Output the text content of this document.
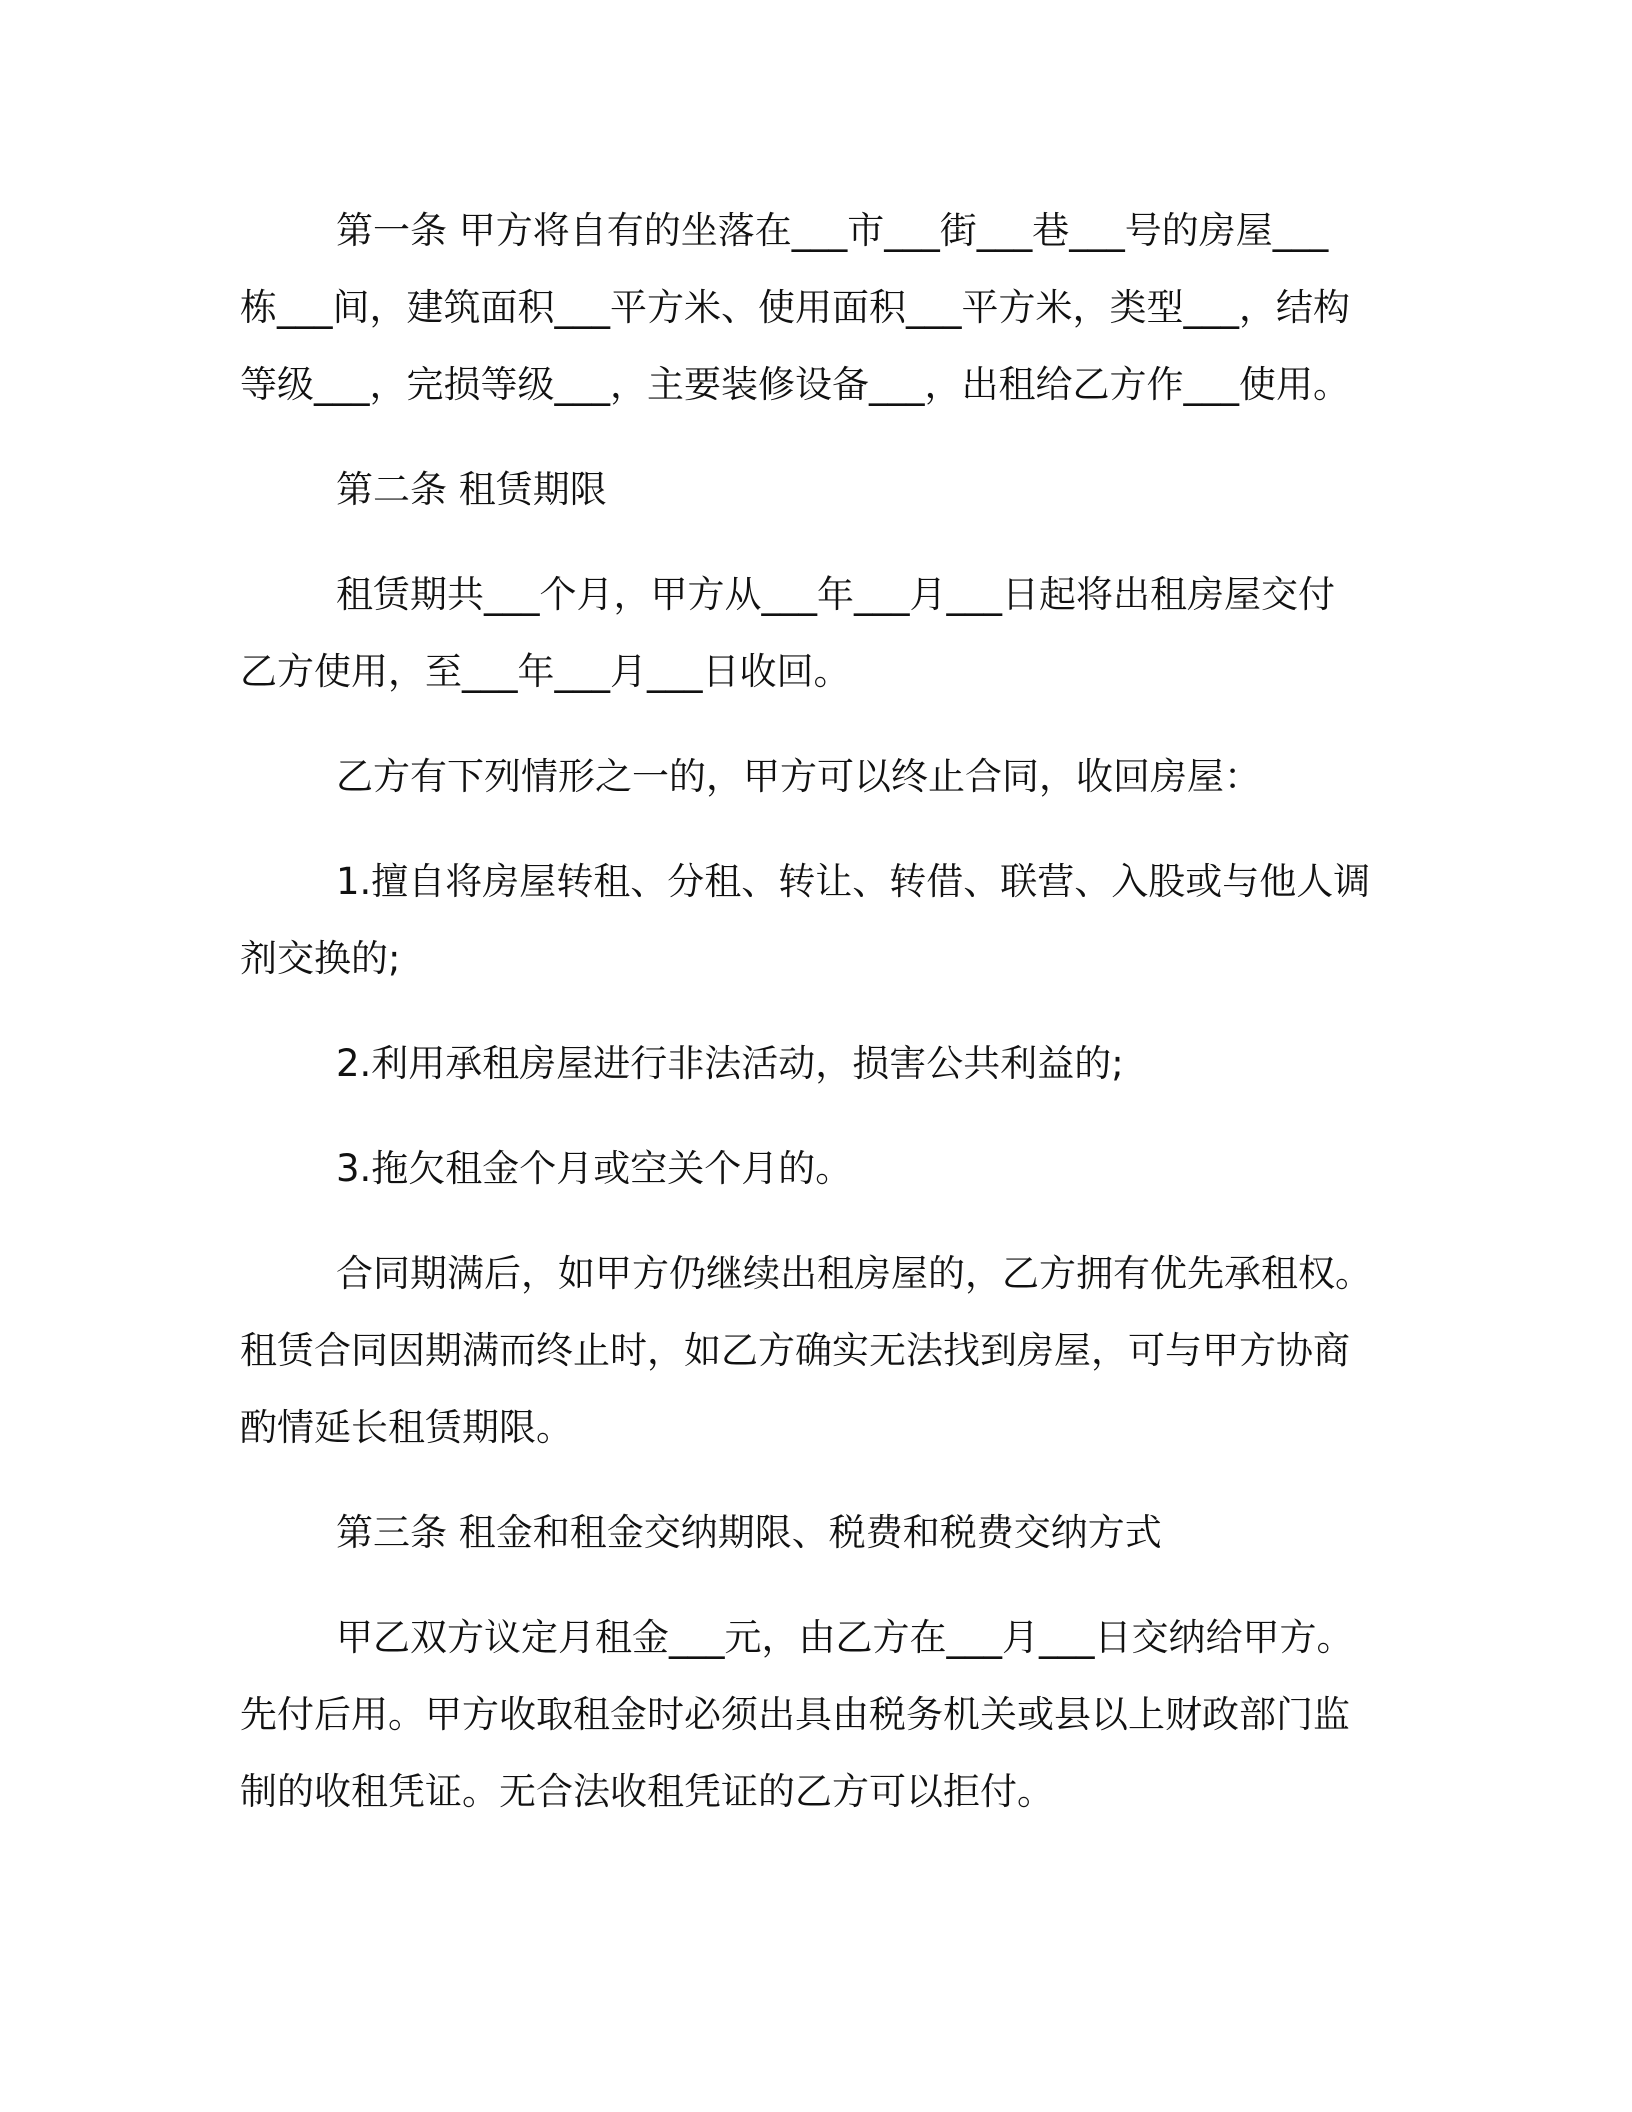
第一条 甲方将自有的坐落在___市___街___巷___号的房屋___
栋___间，建筑面积___平方米、使用面积___平方米，类型___，结构
等级___，完损等级___，主要装修设备___，出租给乙方作___使用。
第二条 租赁期限
租赁期共___个月，甲方从___年___月___日起将出租房屋交付
乙方使用，至___年___月___日收回。
乙方有下列情形之一的，甲方可以终止合同，收回房屋：
1.擅自将房屋转租、分租、转让、转借、联营、入股或与他人调
剂交换的;
2.利用承租房屋进行非法活动，损害公共利益的;
3.拖欠租金个月或空关个月的。
合同期满后，如甲方仍继续出租房屋的，乙方拥有优先承租权。
租赁合同因期满而终止时，如乙方确实无法找到房屋，可与甲方协商
酌情延长租赁期限。
第三条 租金和租金交纳期限、税费和税费交纳方式
甲乙双方议定月租金___元，由乙方在___月___日交纳给甲方。
先付后用。甲方收取租金时必须出具由税务机关或县以上财政部门监
制的收租凭证。无合法收租凭证的乙方可以拒付。
